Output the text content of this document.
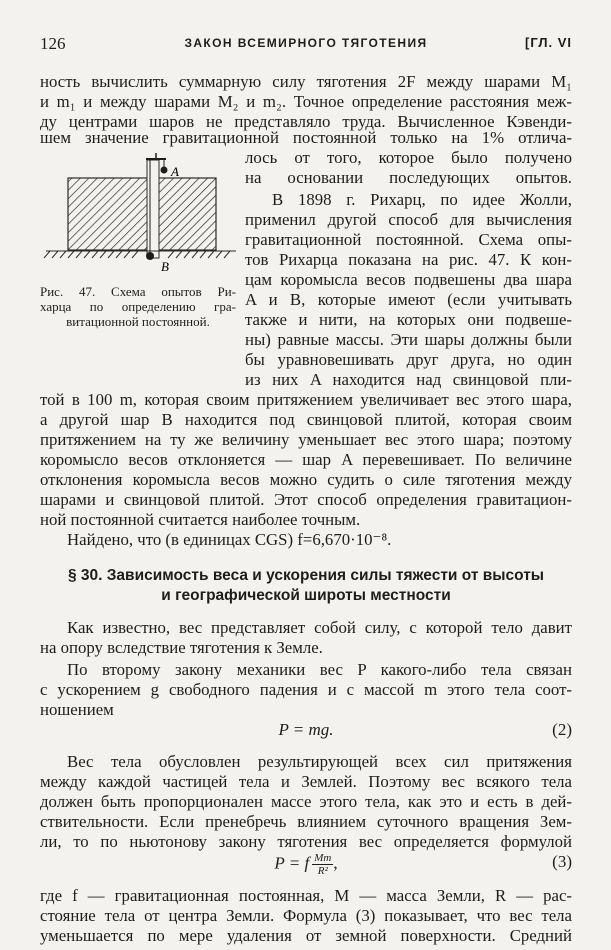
126	ЗАКОН ВСЕМИРНОГО ТЯГОТЕНИЯ	[ГЛ. VI
ность вычислить суммарную силу тяготения 2F между шарами M₁
и m₁ и между шарами M₂ и m₂. Точное определение расстояния меж-
ду центрами шаров не представляло труда. Вычисленное Кэвенди-
шем значение гравитационной постоянной только на 1% отличa-
A
B
Рис. 47. Схема опытов Ри-
харца по определению гра-
витационной постоянной.
лось от того, которое было получено
на основании последующих опытов.
В 1898 г. Рихарц, по идее Жолли,
применил другой способ для вычисления
гравитационной постоянной. Схема опы-
тов Рихарца показана на рис. 47. К кон-
цам коромысла весов подвешены два шара
A и B, которые имеют (если учитывать
также и нити, на которых они подвеше-
ны) равные массы. Эти шары должны были
бы уравновешивать друг друга, но один
из них A находится над свинцовой пли-
той в 100 m, которая своим притяжением увеличивает вес этого шара,
а другой шар B находится под свинцовой плитой, которая своим
притяжением на ту же величину уменьшает вес этого шара; поэтому
коромысло весов отклоняется — шар A перевешивает. По величине
отклонения коромысла весов можно судить о силе тяготения между
шарами и свинцовой плитой. Этот способ определения гравитацион-
ной постоянной считается наиболее точным.
Найдено, что (в единицах CGS) f=6,670·10⁻⁸.
§ 30. Зависимость веса и ускорения силы тяжести от высоты
и географической широты местности
Как известно, вес представляет собой силу, с которой тело давит
на опору вследствие тяготения к Земле.
По второму закону механики вес P какого-либо тела связан
с ускорением g свободного падения и с массой m этого тела соот-
ношением
P = mg.	(2)
Вес тела обусловлен результирующей всех сил притяжения
между каждой частицей тела и Землей. Поэтому вес всякого тела
должен быть пропорционален массе этого тела, как это и есть в дей-
ствительности. Если пренебречь влиянием суточного вращения Зем-
ли, то по ньютонову закону тяготения вес определяется формулой
P = f $\frac{Mm}{\text{R²}}$ ,	(3)
где f — гравитационная постоянная, M — масса Земли, R — рас-
стояние тела от центра Земли. Формула (3) показывает, что вес тела
уменьшается по мере удаления от земной поверхности. Средний
